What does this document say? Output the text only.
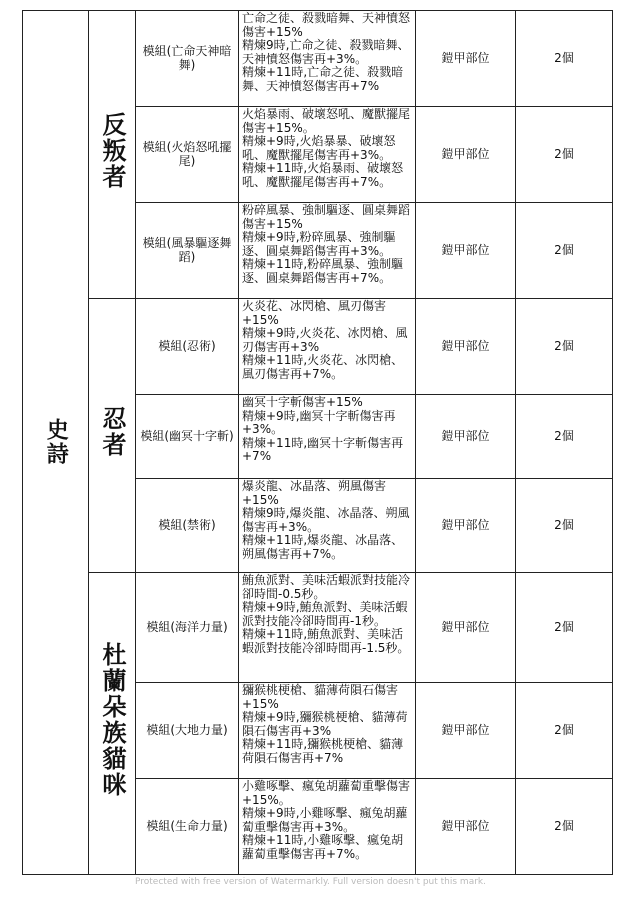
史詩	反叛者	模組(亡命天神暗舞)	亡命之徒、殺戮暗舞、天神憤怒傷害+15%
精煉9時,亡命之徒、殺戮暗舞、天神憤怒傷害再+3%。
精煉+11時,亡命之徒、殺戮暗舞、天神憤怒傷害再+7%	鎧甲部位	2個
		模組(火焰怒吼擺尾)	火焰暴雨、破壞怒吼、魔獸擺尾傷害+15%。
精煉+9時,火焰暴暴、破壞怒吼、魔獸擺尾傷害再+3%。
精煉+11時,火焰暴雨、破壞怒吼、魔獸擺尾傷害再+7%。	鎧甲部位	2個
		模組(風暴驅逐舞蹈)	粉碎風暴、強制驅逐、圓桌舞蹈傷害+15%
精煉+9時,粉碎風暴、強制驅逐、圓桌舞蹈傷害再+3%。
精煉+11時,粉碎風暴、強制驅逐、圓桌舞蹈傷害再+7%。	鎧甲部位	2個
	忍者	模組(忍術)	火炎花、冰閃槍、風刃傷害+15%
精煉+9時,火炎花、冰閃槍、風刃傷害再+3%
精煉+11時,火炎花、冰閃槍、風刃傷害再+7%。	鎧甲部位	2個
		模組(幽冥十字斬)	幽冥十字斬傷害+15%
精煉+9時,幽冥十字斬傷害再+3%。
精煉+11時,幽冥十字斬傷害再+7%	鎧甲部位	2個
		模組(禁術)	爆炎龍、冰晶落、朔風傷害+15%
精煉9時,爆炎龍、冰晶落、朔風傷害再+3%。
精煉+11時,爆炎龍、冰晶落、朔風傷害再+7%。	鎧甲部位	2個
	杜蘭朵族貓咪	模組(海洋力量)	鮪魚派對、美味活蝦派對技能冷卻時間-0.5秒。
精煉+9時,鮪魚派對、美味活蝦派對技能冷卻時間再-1秒。
精煉+11時,鮪魚派對、美味活蝦派對技能冷卻時間再-1.5秒。	鎧甲部位	2個
		模組(大地力量)	獼猴桃梗槍、貓薄荷隕石傷害+15%
精煉+9時,獼猴桃梗槍、貓薄荷隕石傷害再+3%
精煉+11時,獼猴桃梗槍、貓薄荷隕石傷害再+7%	鎧甲部位	2個
		模組(生命力量)	小雞啄擊、瘋兔胡蘿蔔重擊傷害+15%。
精煉+9時,小雞啄擊、瘋兔胡蘿蔔重擊傷害再+3%。
精煉+11時,小雞啄擊、瘋兔胡蘿蔔重擊傷害再+7%。	鎧甲部位	2個
Protected with free version of Watermarkly. Full version doesn't put this mark.
